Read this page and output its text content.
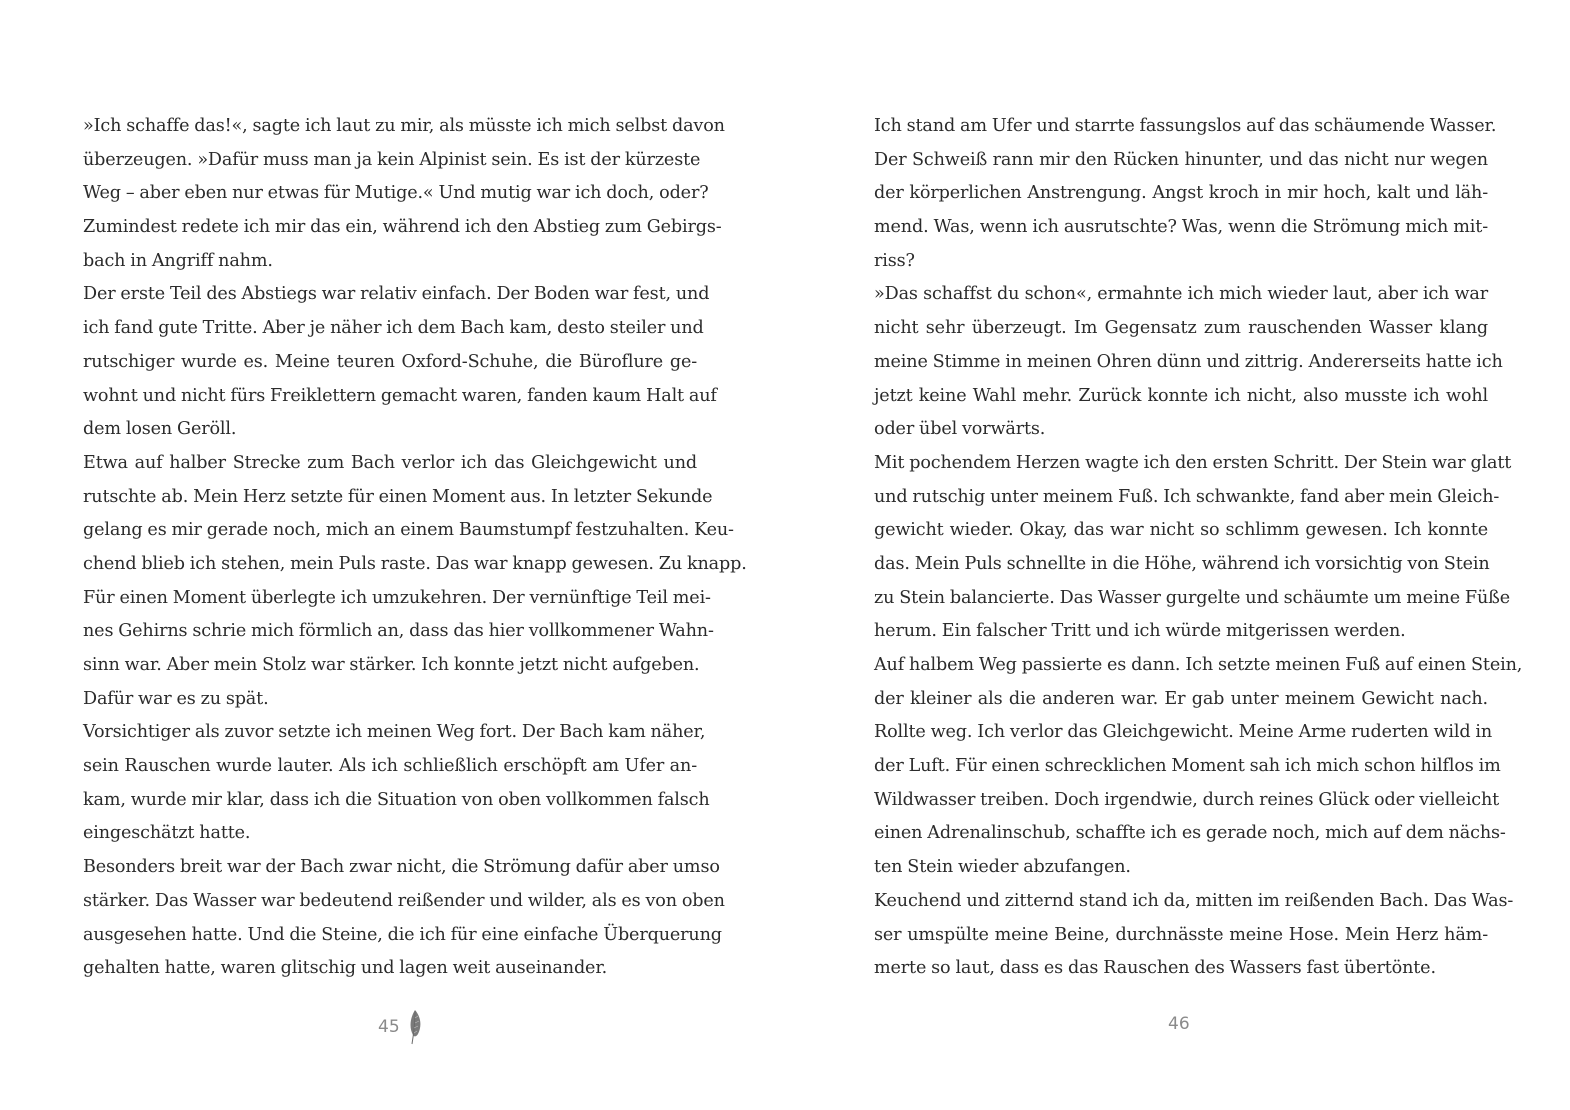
»Ich schaffe das!«, sagte ich laut zu mir, als müsste ich mich selbst davon
überzeugen. »Dafür muss man ja kein Alpinist sein. Es ist der kürzeste
Weg – aber eben nur etwas für Mutige.« Und mutig war ich doch, oder?
Zumindest redete ich mir das ein, während ich den Abstieg zum Gebirgs-
bach in Angriff nahm.
Der erste Teil des Abstiegs war relativ einfach. Der Boden war fest, und
ich fand gute Tritte. Aber je näher ich dem Bach kam, desto steiler und
rutschiger wurde es. Meine teuren Oxford-Schuhe, die Büroflure ge-
wohnt und nicht fürs Freiklettern gemacht waren, fanden kaum Halt auf
dem losen Geröll.
Etwa auf halber Strecke zum Bach verlor ich das Gleichgewicht und
rutschte ab. Mein Herz setzte für einen Moment aus. In letzter Sekunde
gelang es mir gerade noch, mich an einem Baumstumpf festzuhalten. Keu-
chend blieb ich stehen, mein Puls raste. Das war knapp gewesen. Zu knapp.
Für einen Moment überlegte ich umzukehren. Der vernünftige Teil mei-
nes Gehirns schrie mich förmlich an, dass das hier vollkommener Wahn-
sinn war. Aber mein Stolz war stärker. Ich konnte jetzt nicht aufgeben.
Dafür war es zu spät.
Vorsichtiger als zuvor setzte ich meinen Weg fort. Der Bach kam näher,
sein Rauschen wurde lauter. Als ich schließlich erschöpft am Ufer an-
kam, wurde mir klar, dass ich die Situation von oben vollkommen falsch
eingeschätzt hatte.
Besonders breit war der Bach zwar nicht, die Strömung dafür aber umso
stärker. Das Wasser war bedeutend reißender und wilder, als es von oben
ausgesehen hatte. Und die Steine, die ich für eine einfache Überquerung
gehalten hatte, waren glitschig und lagen weit auseinander.
45
Ich stand am Ufer und starrte fassungslos auf das schäumende Wasser.
Der Schweiß rann mir den Rücken hinunter, und das nicht nur wegen
der körperlichen Anstrengung. Angst kroch in mir hoch, kalt und läh-
mend. Was, wenn ich ausrutschte? Was, wenn die Strömung mich mit-
riss?
»Das schaffst du schon«, ermahnte ich mich wieder laut, aber ich war
nicht sehr überzeugt. Im Gegensatz zum rauschenden Wasser klang
meine Stimme in meinen Ohren dünn und zittrig. Andererseits hatte ich
jetzt keine Wahl mehr. Zurück konnte ich nicht, also musste ich wohl
oder übel vorwärts.
Mit pochendem Herzen wagte ich den ersten Schritt. Der Stein war glatt
und rutschig unter meinem Fuß. Ich schwankte, fand aber mein Gleich-
gewicht wieder. Okay, das war nicht so schlimm gewesen. Ich konnte
das. Mein Puls schnellte in die Höhe, während ich vorsichtig von Stein
zu Stein balancierte. Das Wasser gurgelte und schäumte um meine Füße
herum. Ein falscher Tritt und ich würde mitgerissen werden.
Auf halbem Weg passierte es dann. Ich setzte meinen Fuß auf einen Stein,
der kleiner als die anderen war. Er gab unter meinem Gewicht nach.
Rollte weg. Ich verlor das Gleichgewicht. Meine Arme ruderten wild in
der Luft. Für einen schrecklichen Moment sah ich mich schon hilflos im
Wildwasser treiben. Doch irgendwie, durch reines Glück oder vielleicht
einen Adrenalinschub, schaffte ich es gerade noch, mich auf dem nächs-
ten Stein wieder abzufangen.
Keuchend und zitternd stand ich da, mitten im reißenden Bach. Das Was-
ser umspülte meine Beine, durchnässte meine Hose. Mein Herz häm-
merte so laut, dass es das Rauschen des Wassers fast übertönte.
46
